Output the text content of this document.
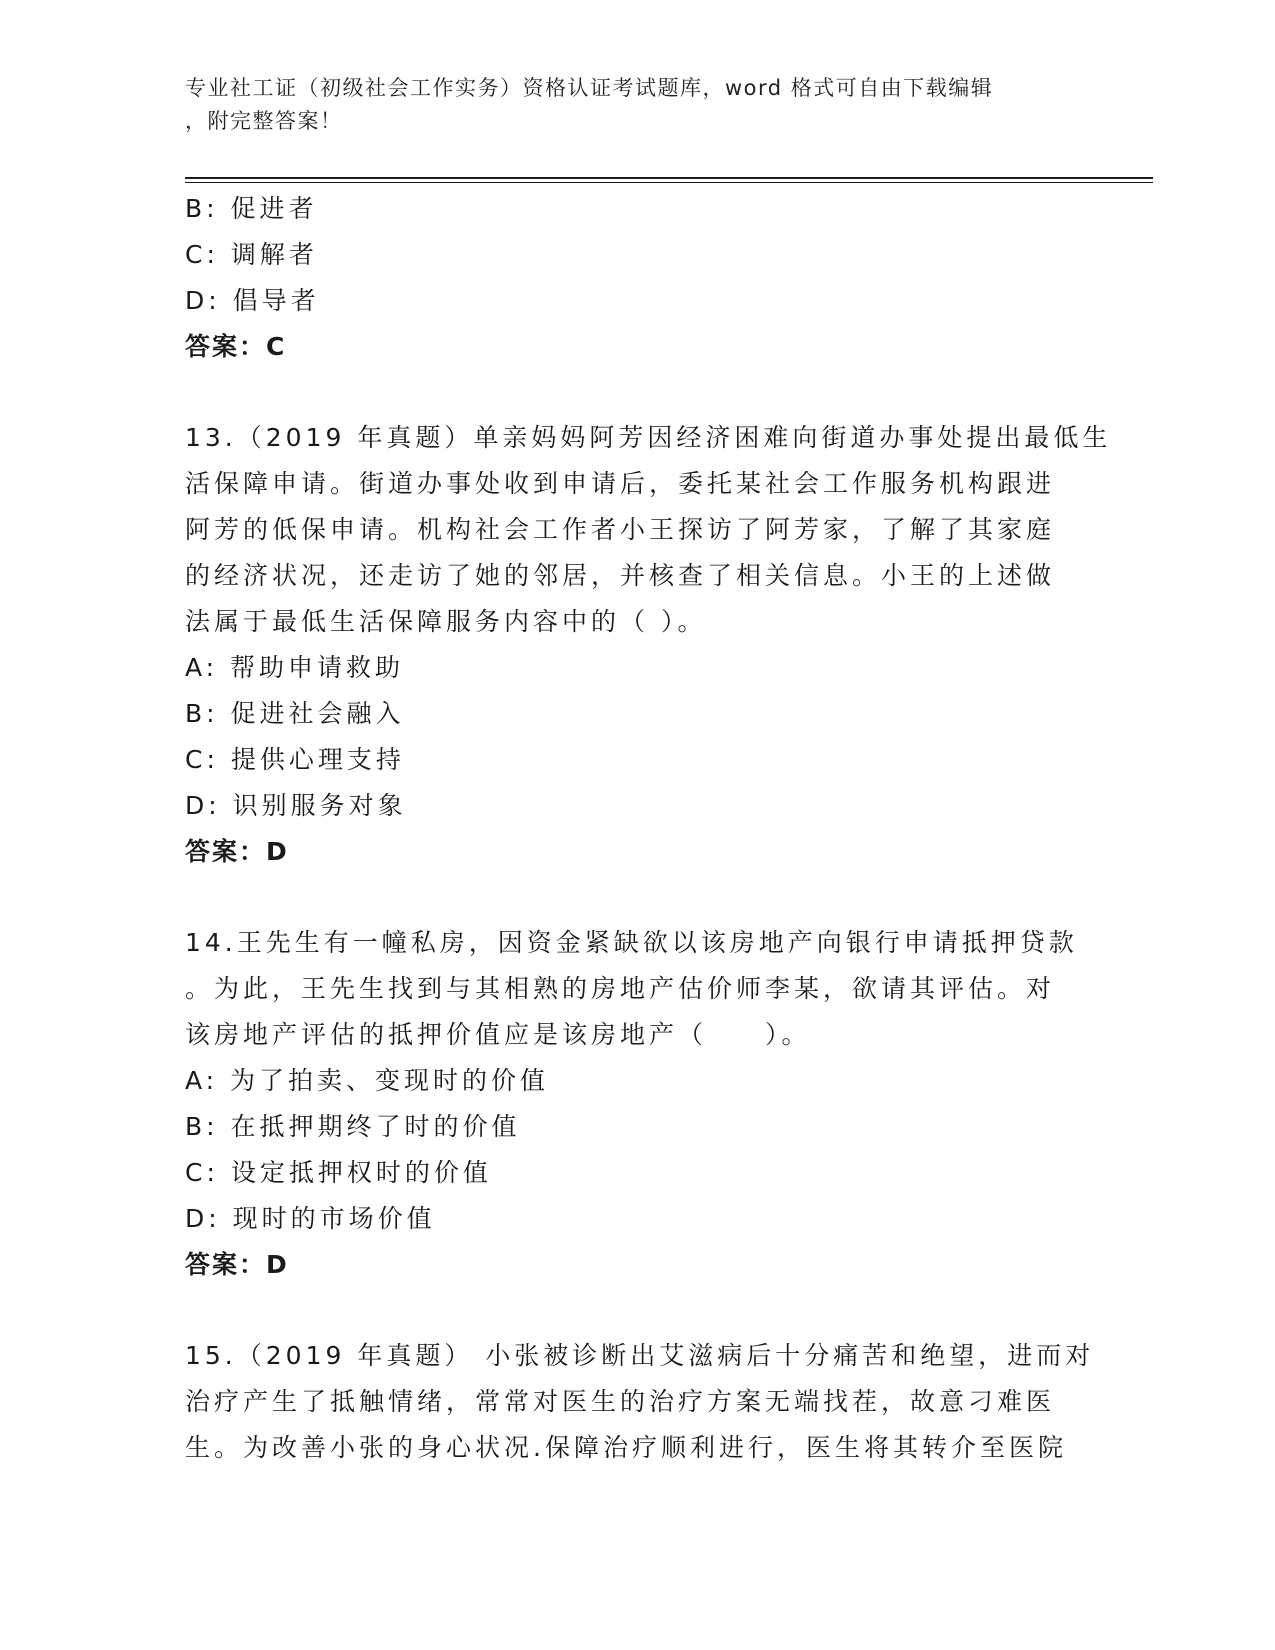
专业社工证（初级社会工作实务）资格认证考试题库，word 格式可自由下载编辑
，附完整答案！
B: 促进者
C: 调解者
D: 倡导者
答案：C
13.（2019 年真题）单亲妈妈阿芳因经济困难向街道办事处提出最低生
活保障申请。街道办事处收到申请后，委托某社会工作服务机构跟进
阿芳的低保申请。机构社会工作者小王探访了阿芳家，了解了其家庭
的经济状况，还走访了她的邻居，并核查了相关信息。小王的上述做
法属于最低生活保障服务内容中的（ ）。
A: 帮助申请救助
B: 促进社会融入
C: 提供心理支持
D: 识别服务对象
答案：D
14.王先生有一幢私房，因资金紧缺欲以该房地产向银行申请抵押贷款
。为此，王先生找到与其相熟的房地产估价师李某，欲请其评估。对
该房地产评估的抵押价值应是该房地产（　　）。
A: 为了拍卖、变现时的价值
B: 在抵押期终了时的价值
C: 设定抵押权时的价值
D: 现时的市场价值
答案：D
15.（2019 年真题） 小张被诊断出艾滋病后十分痛苦和绝望，进而对
治疗产生了抵触情绪，常常对医生的治疗方案无端找茬，故意刁难医
生。为改善小张的身心状况.保障治疗顺利进行，医生将其转介至医院
